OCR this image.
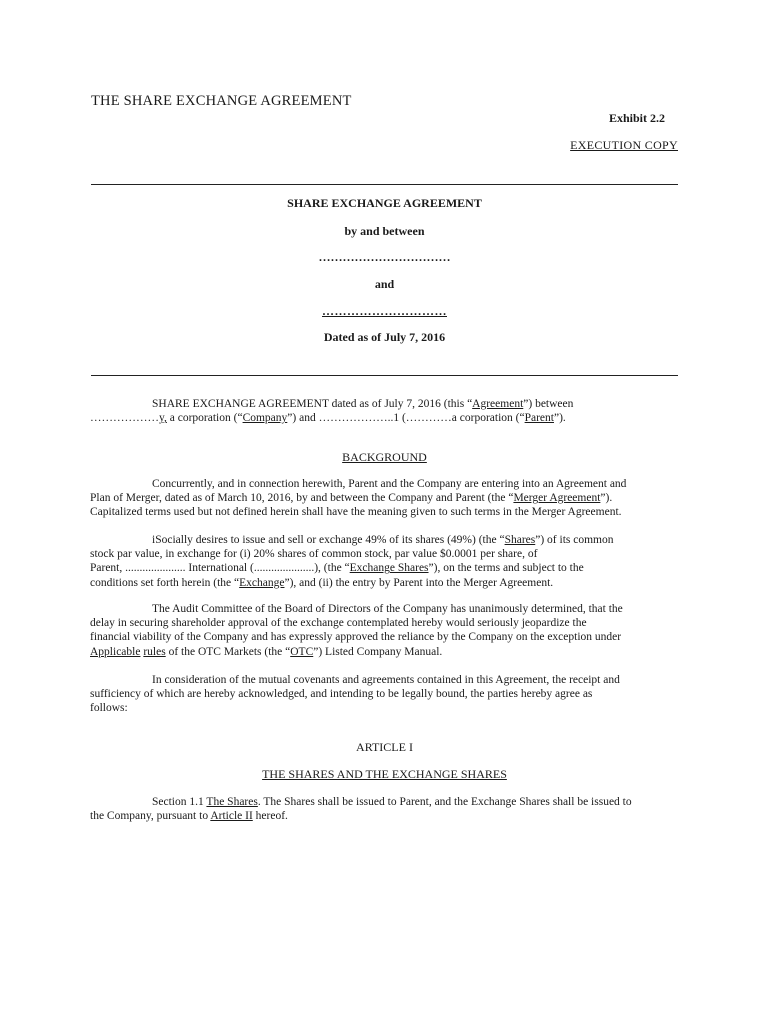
THE SHARE EXCHANGE AGREEMENT
Exhibit 2.2
EXECUTION COPY
SHARE EXCHANGE AGREEMENT
by and between
……………………………
and
…………………………
Dated as of July 7, 2016
SHARE EXCHANGE AGREEMENT dated as of July 7, 2016 (this “Agreement”) between
………………y, a corporation (“Company”) and ………………..1 (…………a corporation (“Parent”).
BACKGROUND
Concurrently, and in connection herewith, Parent and the Company are entering into an Agreement and
Plan of Merger, dated as of March 10, 2016, by and between the Company and Parent (the “Merger Agreement”).
Capitalized terms used but not defined herein shall have the meaning given to such terms in the Merger Agreement.
iSocially desires to issue and sell or exchange 49% of its shares (49%) (the “Shares”) of its common
stock par value, in exchange for (i) 20% shares of common stock, par value $0.0001 per share, of
Parent, ..................... International (.....................), (the “Exchange Shares”), on the terms and subject to the
conditions set forth herein (the “Exchange”), and (ii) the entry by Parent into the Merger Agreement.
The Audit Committee of the Board of Directors of the Company has unanimously determined, that the
delay in securing shareholder approval of the exchange contemplated hereby would seriously jeopardize the
financial viability of the Company and has expressly approved the reliance by the Company on the exception under
Applicable rules of the OTC Markets (the “OTC”) Listed Company Manual.
In consideration of the mutual covenants and agreements contained in this Agreement, the receipt and
sufficiency of which are hereby acknowledged, and intending to be legally bound, the parties hereby agree as
follows:
ARTICLE I
THE SHARES AND THE EXCHANGE SHARES
Section 1.1 The Shares. The Shares shall be issued to Parent, and the Exchange Shares shall be issued to
the Company, pursuant to Article II hereof.
